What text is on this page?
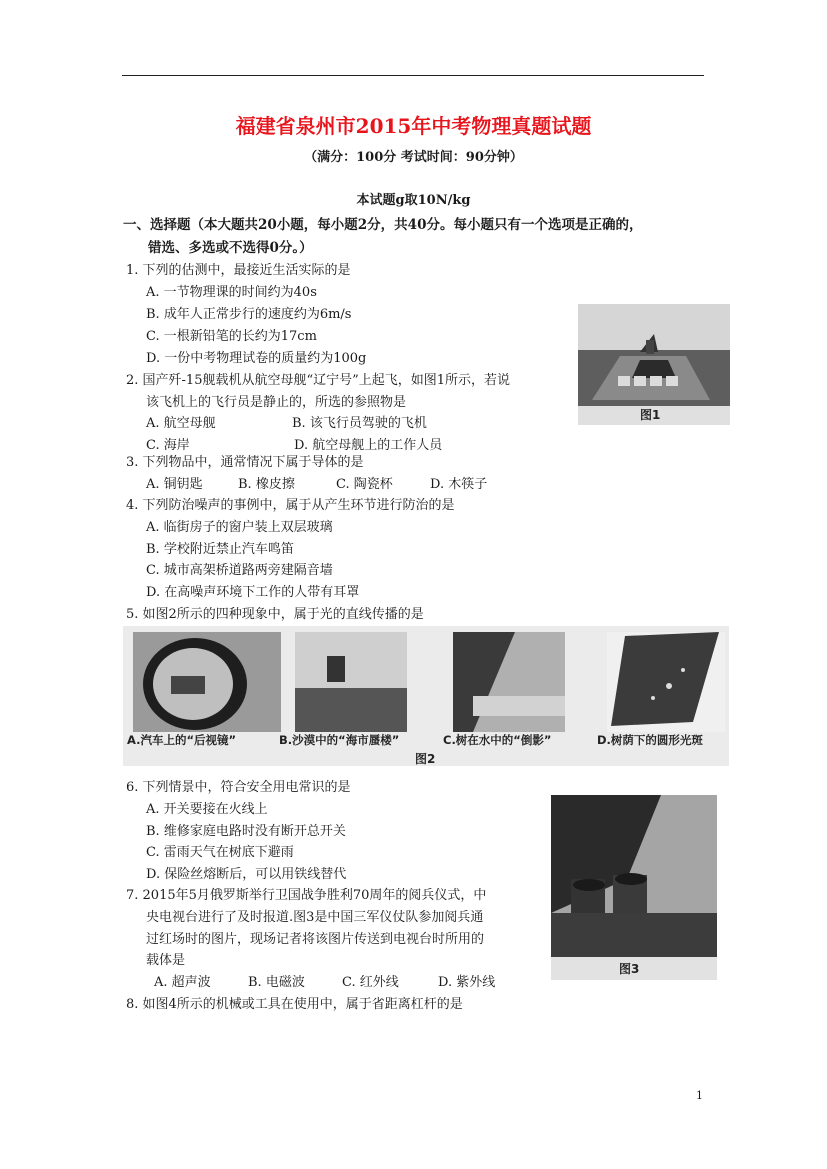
福建省泉州市2015年中考物理真题试题
（满分：100分 考试时间：90分钟）
本试题g取10N/kg
一、选择题（本大题共20小题，每小题2分，共40分。每小题只有一个选项是正确的，
错选、多选或不选得0分。）
1. 下列的估测中，最接近生活实际的是
A. 一节物理课的时间约为40s
B. 成年人正常步行的速度约为6m/s
C. 一根新铅笔的长约为17cm
D. 一份中考物理试卷的质量约为100g
2. 国产歼-15舰载机从航空母舰“辽宁号”上起飞，如图1所示，若说
该飞机上的飞行员是静止的，所选的参照物是
A. 航空母舰	B. 该飞行员驾驶的飞机
C. 海岸	D. 航空母舰上的工作人员
图1
3. 下列物品中，通常情况下属于导体的是
A. 铜钥匙	B. 橡皮擦	C. 陶瓷杯	D. 木筷子
4. 下列防治噪声的事例中，属于从产生环节进行防治的是
A. 临街房子的窗户装上双层玻璃
B. 学校附近禁止汽车鸣笛
C. 城市高架桥道路两旁建隔音墙
D. 在高噪声环境下工作的人带有耳罩
5. 如图2所示的四种现象中，属于光的直线传播的是
A.汽车上的“后视镜”	B.沙漠中的“海市蜃楼”	C.树在水中的“倒影”	D.树荫下的圆形光斑
图2
6. 下列情景中，符合安全用电常识的是
A. 开关要接在火线上
B. 维修家庭电路时没有断开总开关
C. 雷雨天气在树底下避雨
D. 保险丝熔断后，可以用铁线替代
图3
7. 2015年5月俄罗斯举行卫国战争胜利70周年的阅兵仪式，中
央电视台进行了及时报道.图3是中国三军仪仗队参加阅兵通
过红场时的图片，现场记者将该图片传送到电视台时所用的
载体是
A. 超声波	B. 电磁波	C. 红外线	D. 紫外线
8. 如图4所示的机械或工具在使用中，属于省距离杠杆的是
1
